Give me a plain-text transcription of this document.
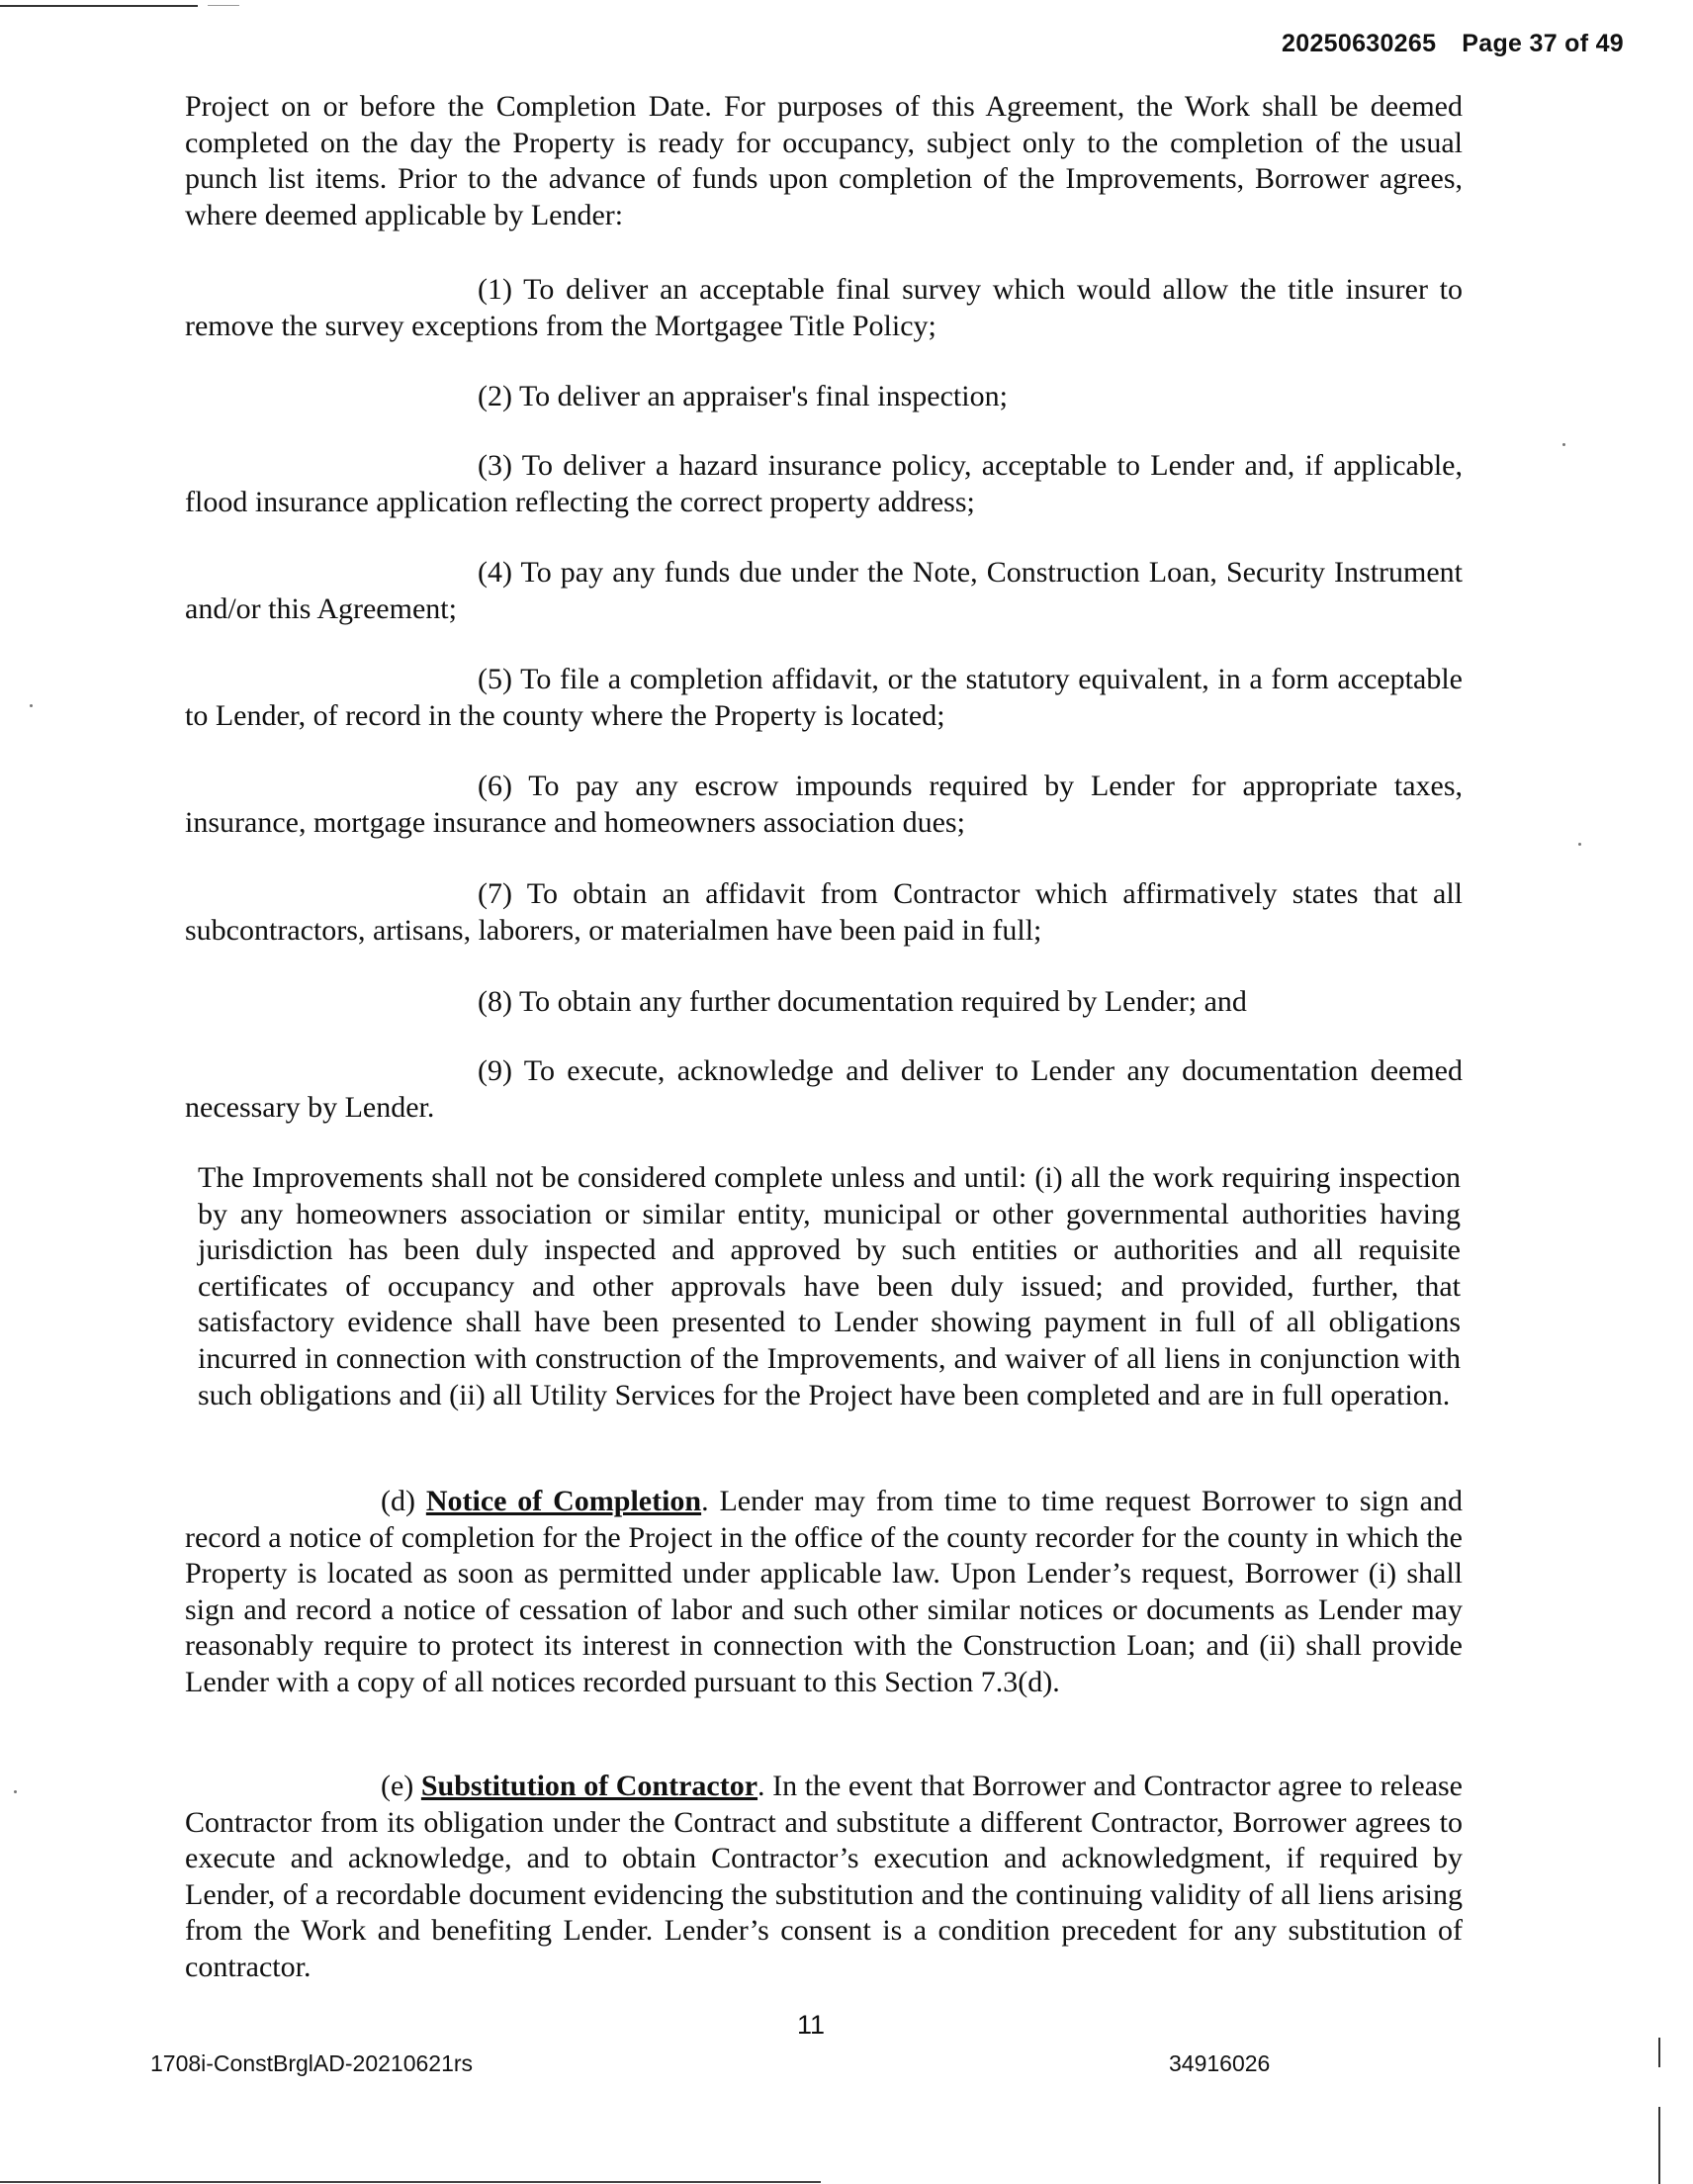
20250630265 Page 37 of 49

Project on or before the Completion Date. For purposes of this Agreement, the Work shall be deemed completed on the day the Property is ready for occupancy, subject only to the completion of the usual punch list items. Prior to the advance of funds upon completion of the Improvements, Borrower agrees, where deemed applicable by Lender:

(1) To deliver an acceptable final survey which would allow the title insurer to remove the survey exceptions from the Mortgagee Title Policy;

(2) To deliver an appraiser's final inspection;

(3) To deliver a hazard insurance policy, acceptable to Lender and, if applicable, flood insurance application reflecting the correct property address;

(4) To pay any funds due under the Note, Construction Loan, Security Instrument and/or this Agreement;

(5) To file a completion affidavit, or the statutory equivalent, in a form acceptable to Lender, of record in the county where the Property is located;

(6) To pay any escrow impounds required by Lender for appropriate taxes, insurance, mortgage insurance and homeowners association dues;

(7) To obtain an affidavit from Contractor which affirmatively states that all subcontractors, artisans, laborers, or materialmen have been paid in full;

(8) To obtain any further documentation required by Lender; and

(9) To execute, acknowledge and deliver to Lender any documentation deemed necessary by Lender.

The Improvements shall not be considered complete unless and until: (i) all the work requiring inspection by any homeowners association or similar entity, municipal or other governmental authorities having jurisdiction has been duly inspected and approved by such entities or authorities and all requisite certificates of occupancy and other approvals have been duly issued; and provided, further, that satisfactory evidence shall have been presented to Lender showing payment in full of all obligations incurred in connection with construction of the Improvements, and waiver of all liens in conjunction with such obligations and (ii) all Utility Services for the Project have been completed and are in full operation.

(d) Notice of Completion. Lender may from time to time request Borrower to sign and record a notice of completion for the Project in the office of the county recorder for the county in which the Property is located as soon as permitted under applicable law. Upon Lender’s request, Borrower (i) shall sign and record a notice of cessation of labor and such other similar notices or documents as Lender may reasonably require to protect its interest in connection with the Construction Loan; and (ii) shall provide Lender with a copy of all notices recorded pursuant to this Section 7.3(d).

(e) Substitution of Contractor. In the event that Borrower and Contractor agree to release Contractor from its obligation under the Contract and substitute a different Contractor, Borrower agrees to execute and acknowledge, and to obtain Contractor’s execution and acknowledgment, if required by Lender, of a recordable document evidencing the substitution and the continuing validity of all liens arising from the Work and benefiting Lender. Lender’s consent is a condition precedent for any substitution of contractor.

11
1708i-ConstBrglAD-20210621rs	34916026
